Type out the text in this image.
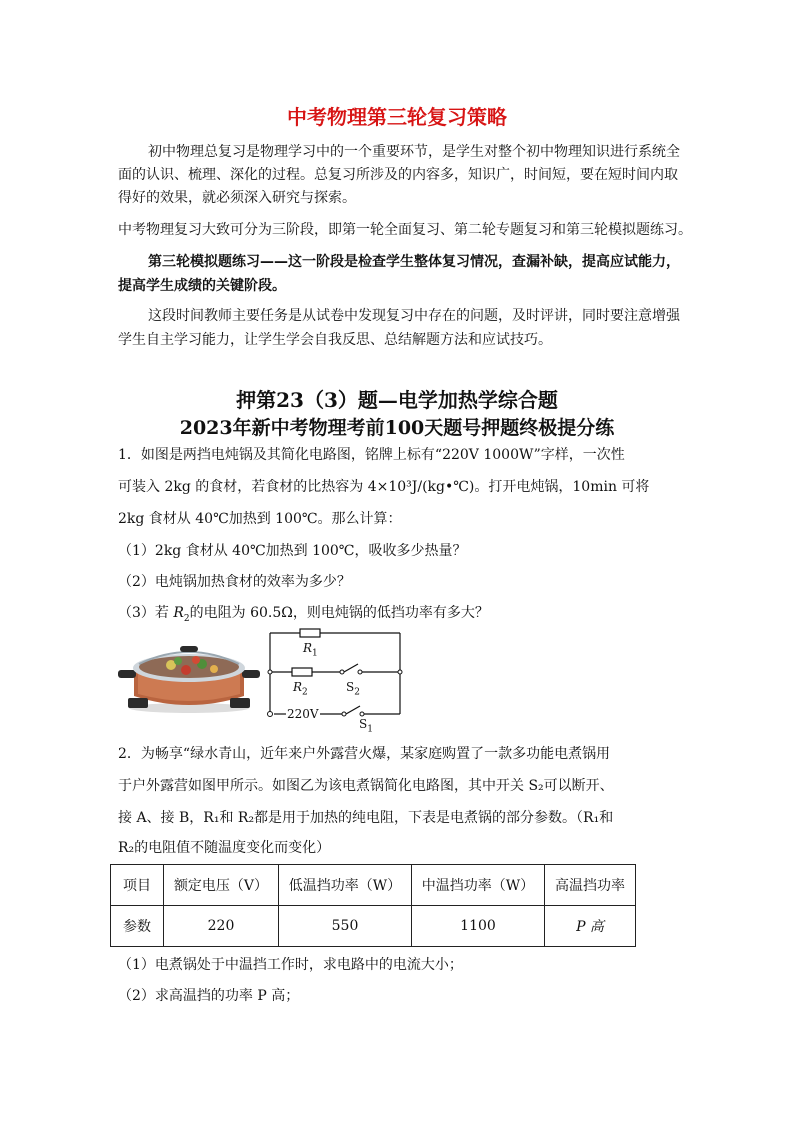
中考物理第三轮复习策略
初中物理总复习是物理学习中的一个重要环节，是学生对整个初中物理知识进行系统全
面的认识、梳理、深化的过程。总复习所涉及的内容多，知识广，时间短，要在短时间内取
得好的效果，就必须深入研究与探索。
中考物理复习大致可分为三阶段，即第一轮全面复习、第二轮专题复习和第三轮模拟题练习。
第三轮模拟题练习——这一阶段是检查学生整体复习情况，查漏补缺，提高应试能力，
提高学生成绩的关键阶段。
这段时间教师主要任务是从试卷中发现复习中存在的问题，及时评讲，同时要注意增强
学生自主学习能力，让学生学会自我反思、总结解题方法和应试技巧。
押第23（3）题—电学加热学综合题
2023年新中考物理考前100天题号押题终极提分练
1．如图是两挡电炖锅及其简化电路图，铭牌上标有“220V 1000W”字样，一次性
可装入 2kg 的食材，若食材的比热容为 4×10³J/(kg•℃)。打开电炖锅，10min 可将
2kg 食材从 40℃加热到 100℃。那么计算：
（1）2kg 食材从 40℃加热到 100℃，吸收多少热量？
（2）电炖锅加热食材的效率为多少？
（3）若 $R_2$的电阻为 60.5Ω，则电炖锅的低挡功率有多大？
$R_1$
$R_2$	$S_2$
220V
$S_1$
2．为畅享“绿水青山，近年来户外露营火爆，某家庭购置了一款多功能电煮锅用
于户外露营如图甲所示。如图乙为该电煮锅简化电路图，其中开关 S₂可以断开、
接 A、接 B，R₁和 R₂都是用于加热的纯电阻，下表是电煮锅的部分参数。（R₁和
R₂的电阻值不随温度变化而变化）
项目	额定电压（V）	低温挡功率（W）	中温挡功率（W）	高温挡功率
参数	220	550	1100	P 高
（1）电煮锅处于中温挡工作时，求电路中的电流大小；
（2）求高温挡的功率 P 高；
